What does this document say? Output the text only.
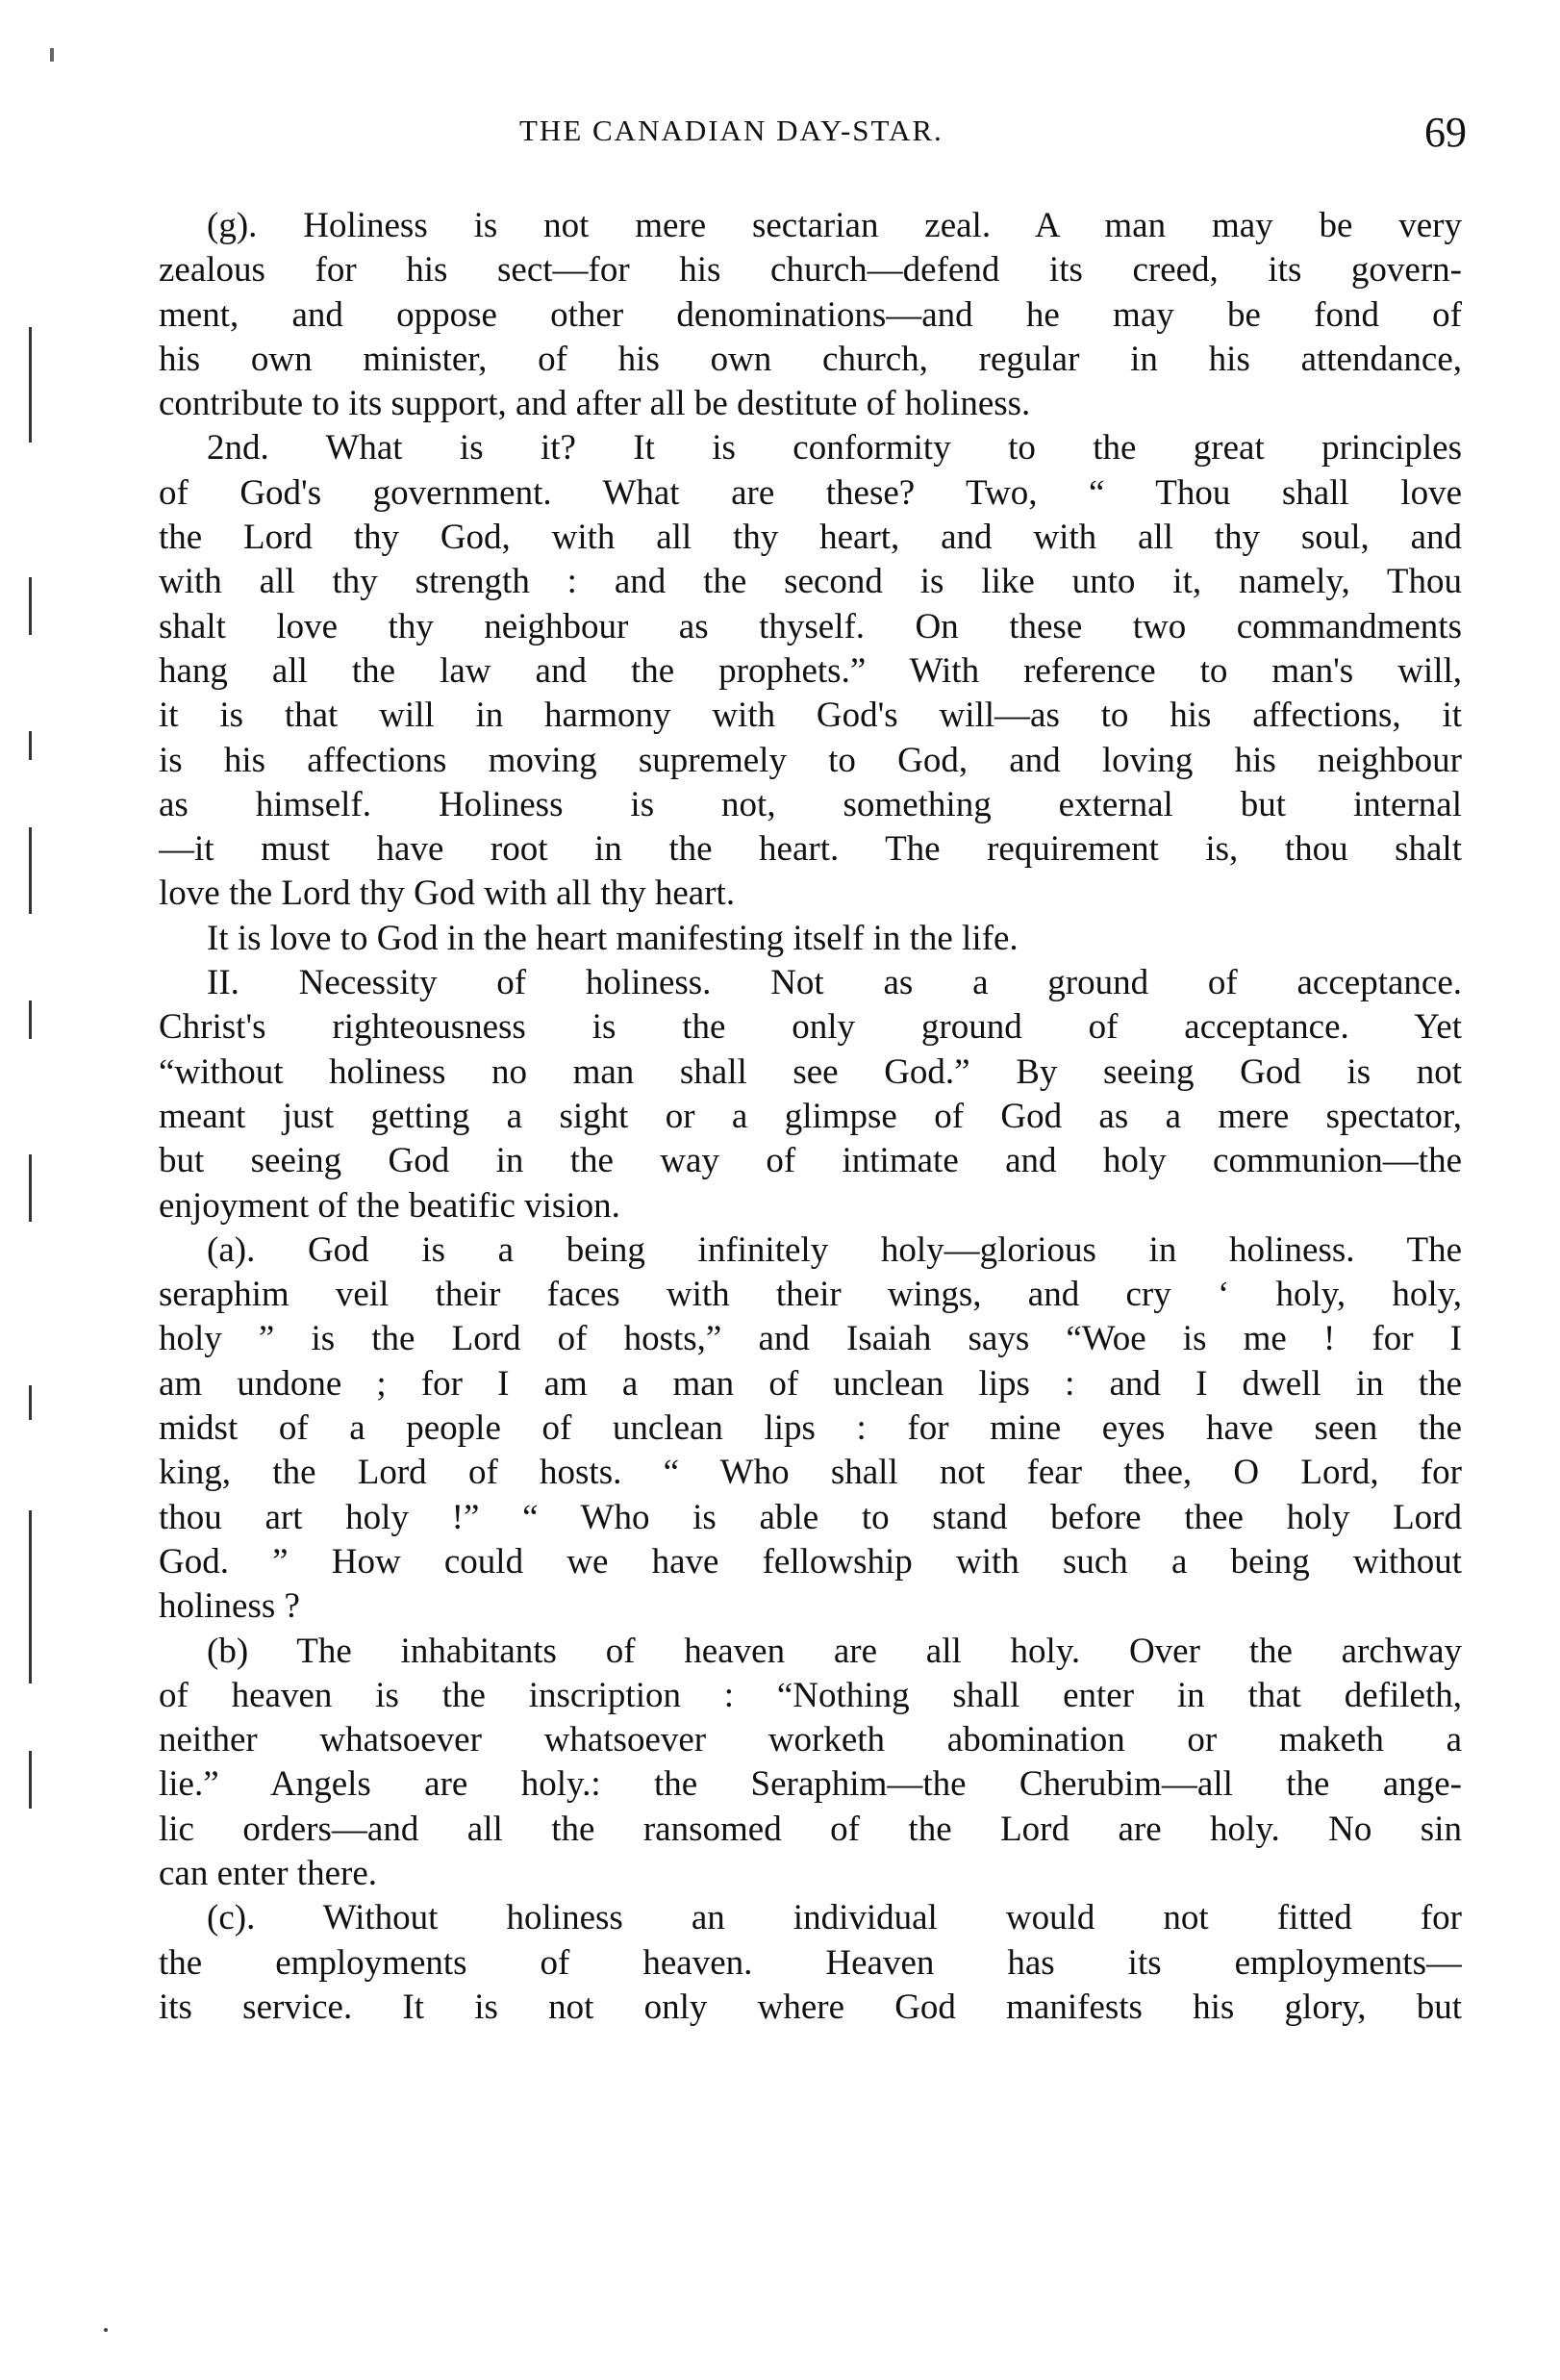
THE CANADIAN DAY-STAR.	69
(g). Holiness is not mere sectarian zeal. A man may be very
zealous for his sect—for his church—defend its creed, its govern-
ment, and oppose other denominations—and he may be fond of
his own minister, of his own church, regular in his attendance,
contribute to its support, and after all be destitute of holiness.
2nd. What is it? It is conformity to the great principles
of God's government. What are these? Two, “ Thou shall love
the Lord thy God, with all thy heart, and with all thy soul, and
with all thy strength : and the second is like unto it, namely, Thou
shalt love thy neighbour as thyself. On these two commandments
hang all the law and the prophets.” With reference to man's will,
it is that will in harmony with God's will—as to his affections, it
is his affections moving supremely to God, and loving his neighbour
as himself. Holiness is not, something external but internal
—it must have root in the heart. The requirement is, thou shalt
love the Lord thy God with all thy heart.
It is love to God in the heart manifesting itself in the life.
II. Necessity of holiness. Not as a ground of acceptance.
Christ's righteousness is the only ground of acceptance. Yet
“without holiness no man shall see God.” By seeing God is not
meant just getting a sight or a glimpse of God as a mere spectator,
but seeing God in the way of intimate and holy communion—the
enjoyment of the beatific vision.
(a). God is a being infinitely holy—glorious in holiness. The
seraphim veil their faces with their wings, and cry ‘ holy, holy,
holy ” is the Lord of hosts,” and Isaiah says “Woe is me ! for I
am undone ; for I am a man of unclean lips : and I dwell in the
midst of a people of unclean lips : for mine eyes have seen the
king, the Lord of hosts. “ Who shall not fear thee, O Lord, for
thou art holy !” “ Who is able to stand before thee holy Lord
God. ” How could we have fellowship with such a being without
holiness ?
(b) The inhabitants of heaven are all holy. Over the archway
of heaven is the inscription : “Nothing shall enter in that defileth,
neither whatsoever whatsoever worketh abomination or maketh a
lie.” Angels are holy.: the Seraphim—the Cherubim—all the ange-
lic orders—and all the ransomed of the Lord are holy. No sin
can enter there.
(c). Without holiness an individual would not fitted for
the employments of heaven. Heaven has its employments—
its service. It is not only where God manifests his glory, but
